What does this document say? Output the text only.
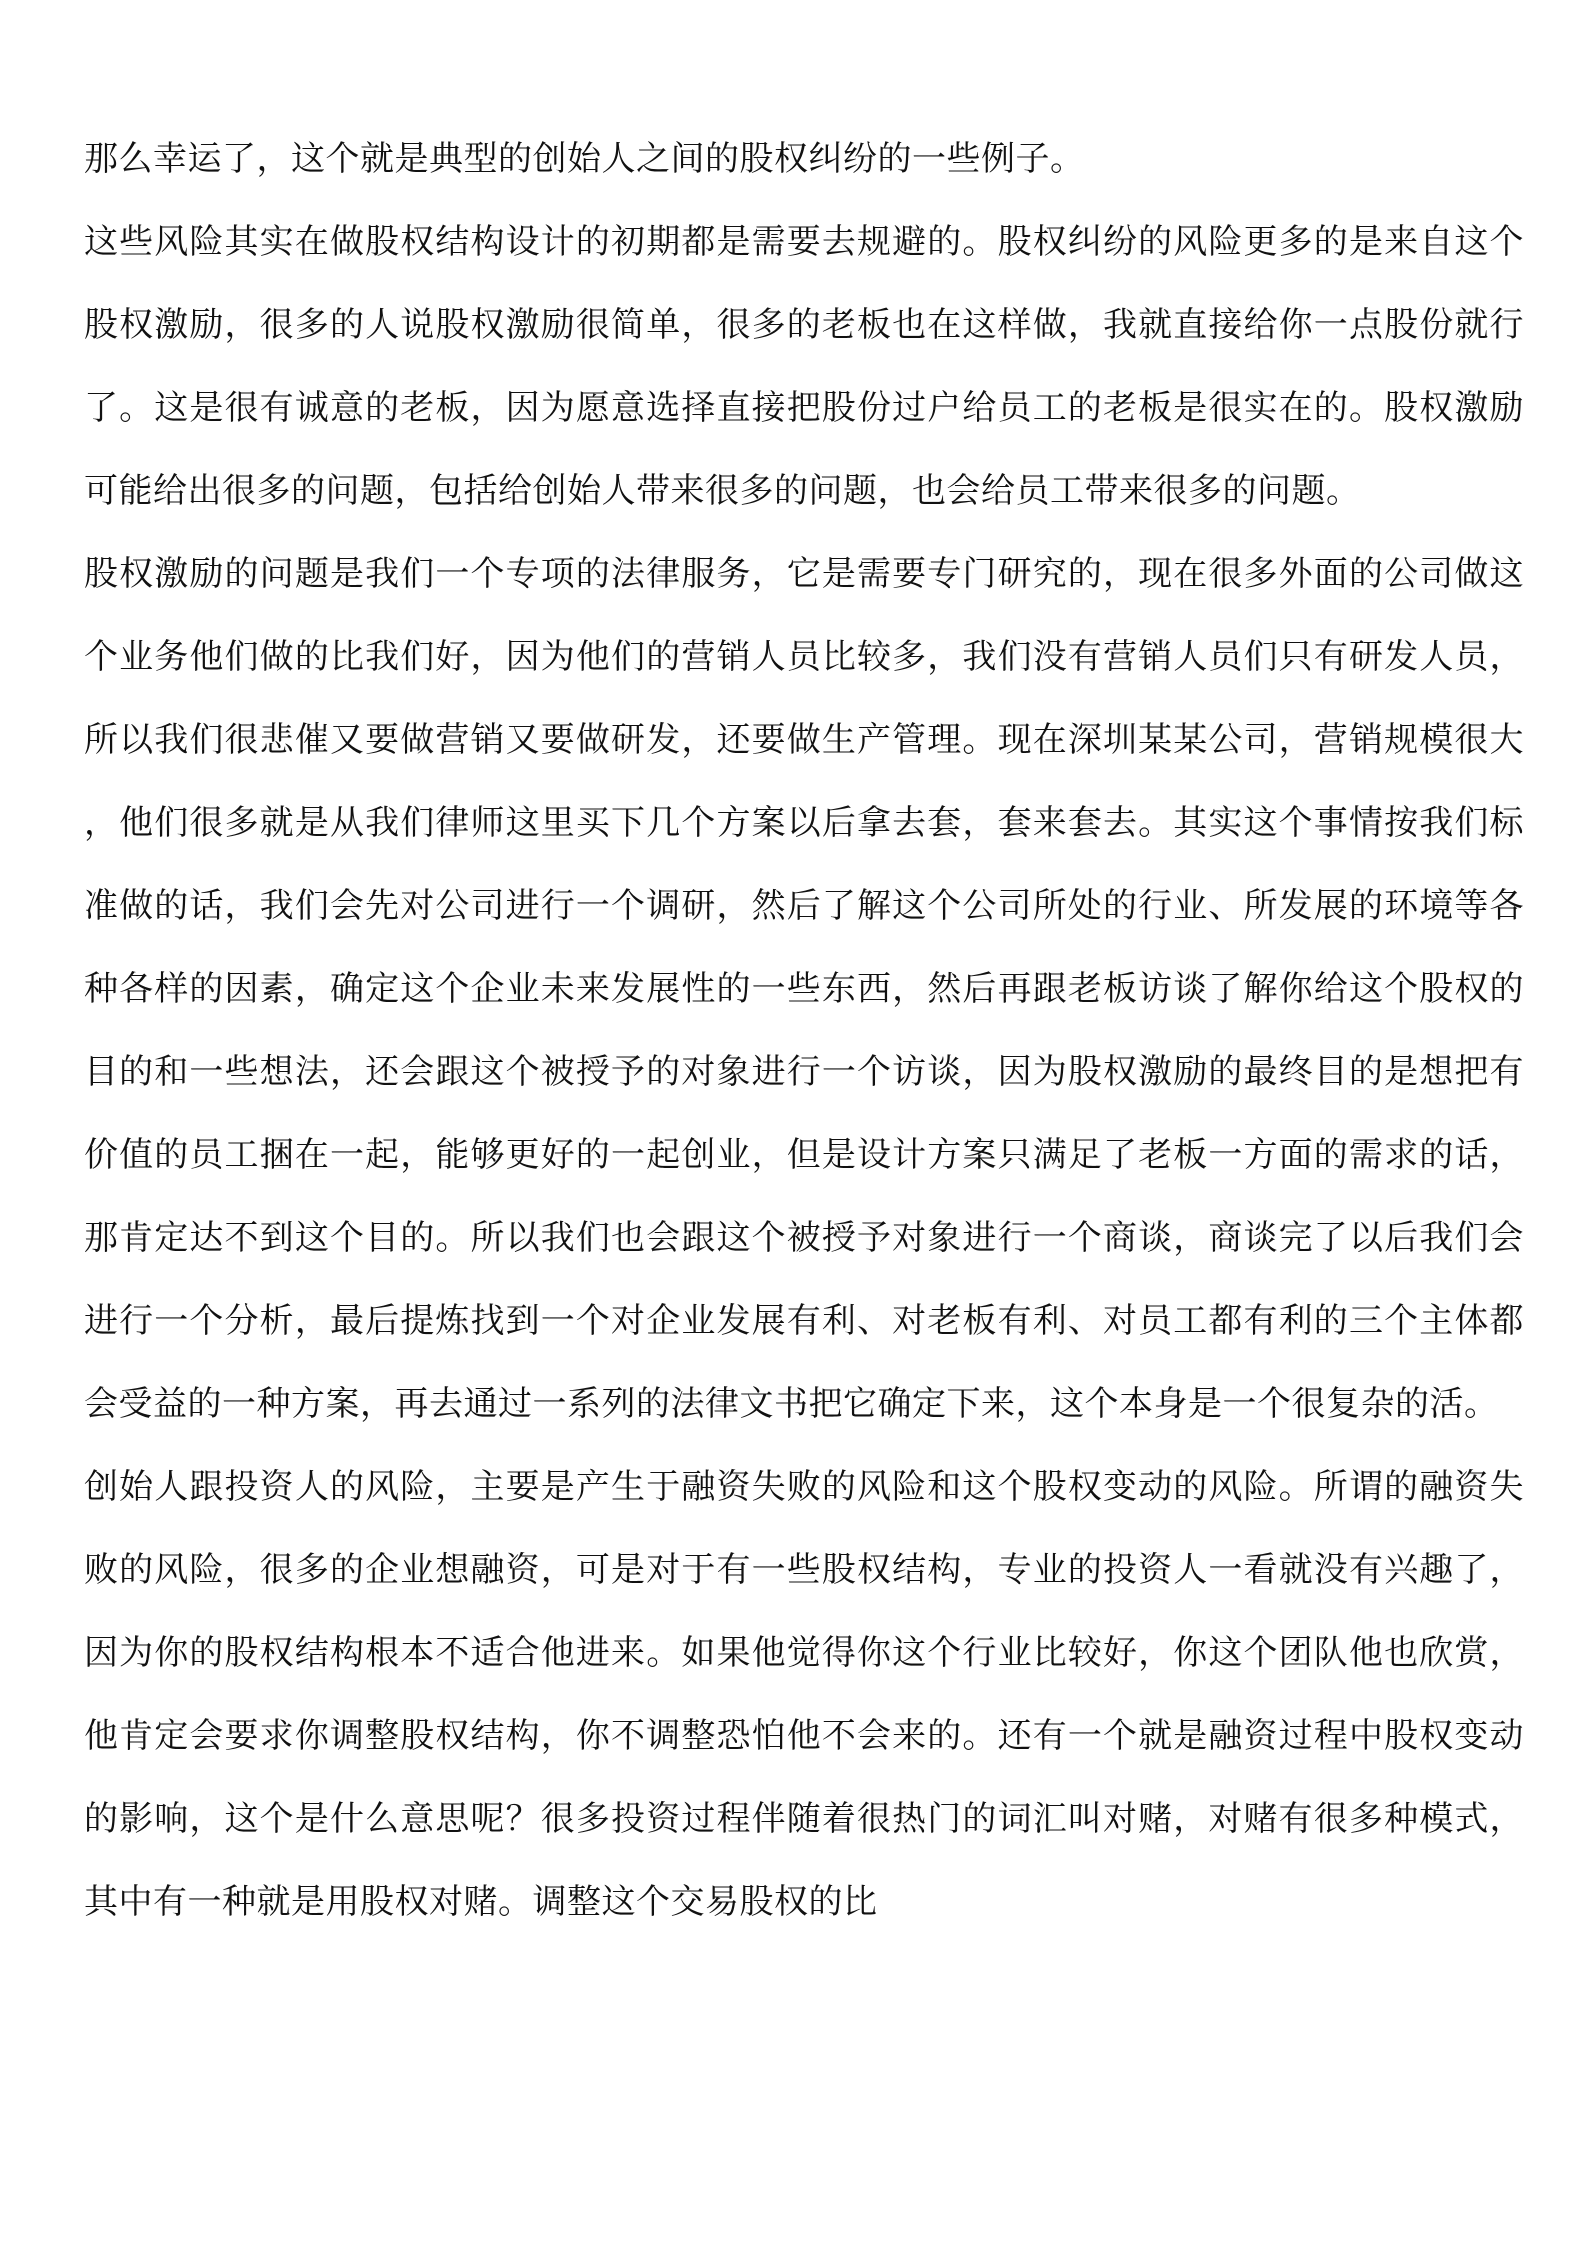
那么幸运了，这个就是典型的创始人之间的股权纠纷的一些例子。

这些风险其实在做股权结构设计的初期都是需要去规避的。股权纠纷的风险更多的是来自这个股权激励，很多的人说股权激励很简单，很多的老板也在这样做，我就直接给你一点股份就行了。这是很有诚意的老板，因为愿意选择直接把股份过户给员工的老板是很实在的。股权激励可能给出很多的问题，包括给创始人带来很多的问题，也会给员工带来很多的问题。

股权激励的问题是我们一个专项的法律服务，它是需要专门研究的，现在很多外面的公司做这个业务他们做的比我们好，因为他们的营销人员比较多，我们没有营销人员们只有研发人员，所以我们很悲催又要做营销又要做研发，还要做生产管理。现在深圳某某公司，营销规模很大，他们很多就是从我们律师这里买下几个方案以后拿去套，套来套去。其实这个事情按我们标准做的话，我们会先对公司进行一个调研，然后了解这个公司所处的行业、所发展的环境等各种各样的因素，确定这个企业未来发展性的一些东西，然后再跟老板访谈了解你给这个股权的目的和一些想法，还会跟这个被授予的对象进行一个访谈，因为股权激励的最终目的是想把有价值的员工捆在一起，能够更好的一起创业，但是设计方案只满足了老板一方面的需求的话，那肯定达不到这个目的。所以我们也会跟这个被授予对象进行一个商谈，商谈完了以后我们会进行一个分析，最后提炼找到一个对企业发展有利、对老板有利、对员工都有利的三个主体都会受益的一种方案，再去通过一系列的法律文书把它确定下来，这个本身是一个很复杂的活。

创始人跟投资人的风险，主要是产生于融资失败的风险和这个股权变动的风险。所谓的融资失败的风险，很多的企业想融资，可是对于有一些股权结构，专业的投资人一看就没有兴趣了，因为你的股权结构根本不适合他进来。如果他觉得你这个行业比较好，你这个团队他也欣赏，他肯定会要求你调整股权结构，你不调整恐怕他不会来的。还有一个就是融资过程中股权变动的影响，这个是什么意思呢？很多投资过程伴随着很热门的词汇叫对赌，对赌有很多种模式，其中有一种就是用股权对赌。调整这个交易股权的比
